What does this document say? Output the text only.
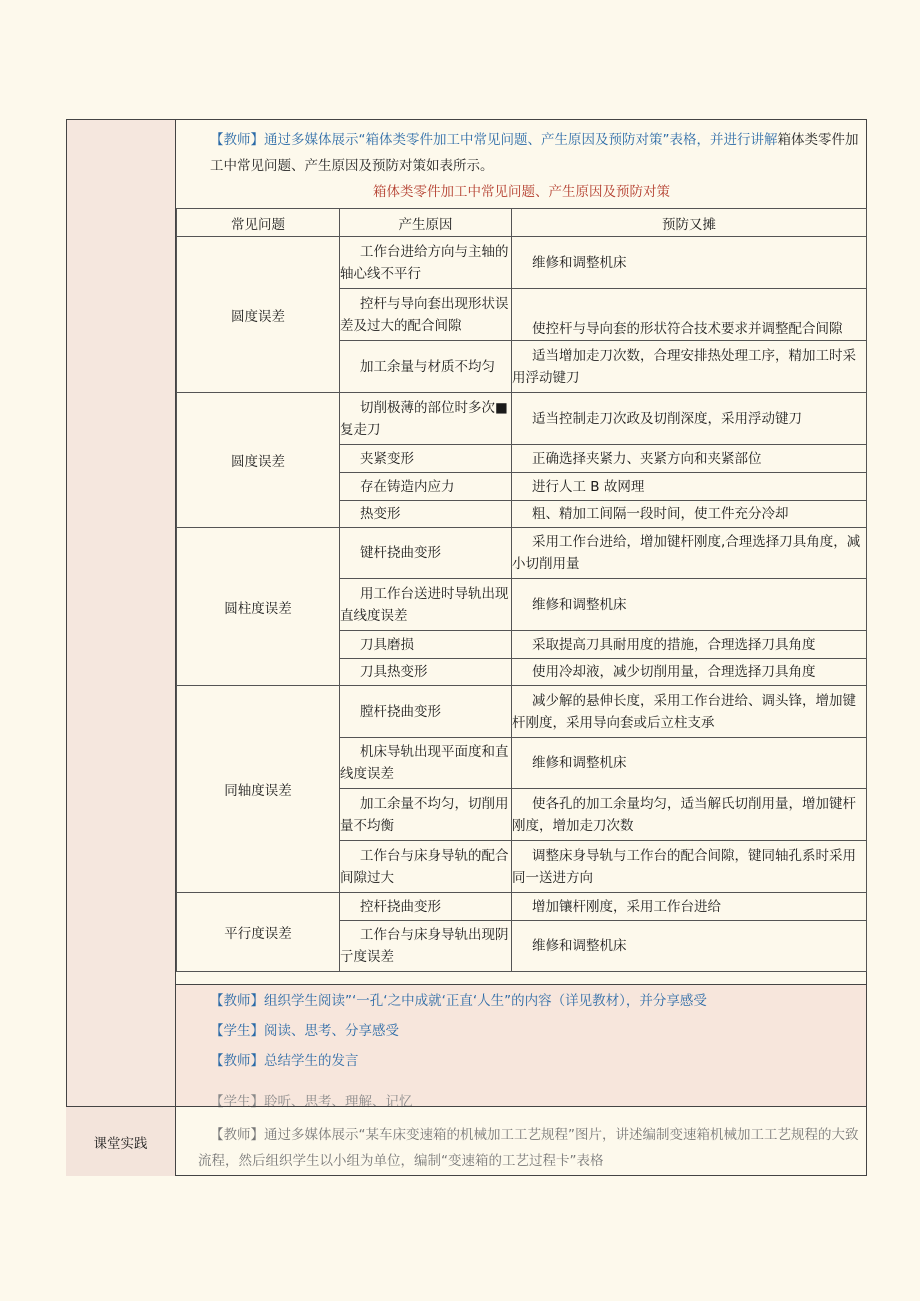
【教师】通过多媒体展示“箱体类零件加工中常见问题、产生原因及预防对策”表格，并进行讲解箱体类零件加工中常见问题、产生原因及预防对策如表所示。
箱体类零件加工中常见问题、产生原因及预防对策
常见问题	产生原因	预防又摊
圆度误差	工作台进给方向与主轴的轴心线不平行	维修和调整机床
	控杆与导向套出现形状误差及过大的配合间隙	使控杆与导向套的形状符合技术要求并调整配合间隙
	加工余量与材质不均匀	适当增加走刀次数，合理安排热处理工序，精加工时采用浮动键刀
圆度误差	切削极薄的部位时多次■复走刀	适当控制走刀次政及切削深度，采用浮动键刀
	夹紧变形	正确选择夹紧力、夹紧方向和夹紧部位
	存在铸造内应力	进行人工 B 故网理
	热变形	粗、精加工间隔一段时间，使工件充分冷却
圆柱度误差	键杆挠曲变形	采用工作台进给，增加键杆刚度,合理选择刀具角度，减小切削用量
	用工作台送进时导轨出现直线度误差	维修和调整机床
	刀具磨损	采取提高刀具耐用度的措施，合理选择刀具角度
	刀具热变形	使用冷却液，减少切削用量，合理选择刀具角度
同轴度误差	膛杆挠曲变形	减少解的悬伸长度，采用工作台进给、调头锋，增加键杆刚度，采用导向套或后立柱支承
	机床导轨出现平面度和直线度误差	维修和调整机床
	加工余量不均匀，切削用量不均衡	使各孔的加工余量均匀，适当解氏切削用量，增加键杆刚度，增加走刀次数
	工作台与床身导轨的配合间隙过大	调整床身导轨与工作台的配合间隙，键同轴孔系时采用同一送进方向
平行度误差	控杆挠曲变形	增加镶杆刚度，采用工作台进给
	工作台与床身导轨出现阴亍度误差	维修和调整机床
【教师】组织学生阅读”‘一孔‘之中成就‘正直‘人生”的内容（详见教材），并分享感受
【学生】阅读、思考、分享感受
【教师】总结学生的发言
【学生】聆听、思考、理解、记忆
课堂实践
【教师】通过多媒体展示“某车床变速箱的机械加工工艺规程”图片，讲述编制变速箱机械加工工艺规程的大致流程，然后组织学生以小组为单位，编制“变速箱的工艺过程卡”表格
